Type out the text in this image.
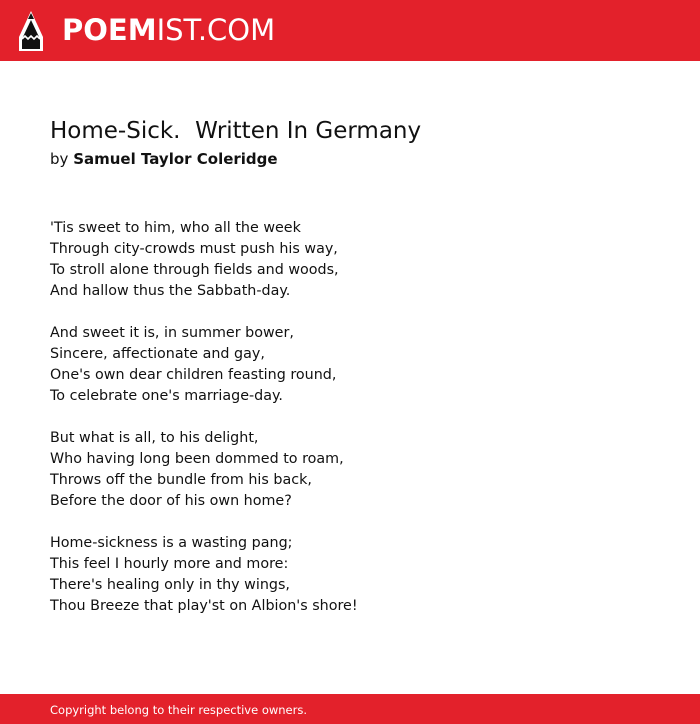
POEMIST.COM
Home-Sick.  Written In Germany
by Samuel Taylor Coleridge
'Tis sweet to him, who all the week
Through city-crowds must push his way,
To stroll alone through fields and woods,
And hallow thus the Sabbath-day.
And sweet it is, in summer bower,
Sincere, affectionate and gay,
One's own dear children feasting round,
To celebrate one's marriage-day.
But what is all, to his delight,
Who having long been dommed to roam,
Throws off the bundle from his back,
Before the door of his own home?
Home-sickness is a wasting pang;
This feel I hourly more and more:
There's healing only in thy wings,
Thou Breeze that play'st on Albion's shore!
Copyright belong to their respective owners.
